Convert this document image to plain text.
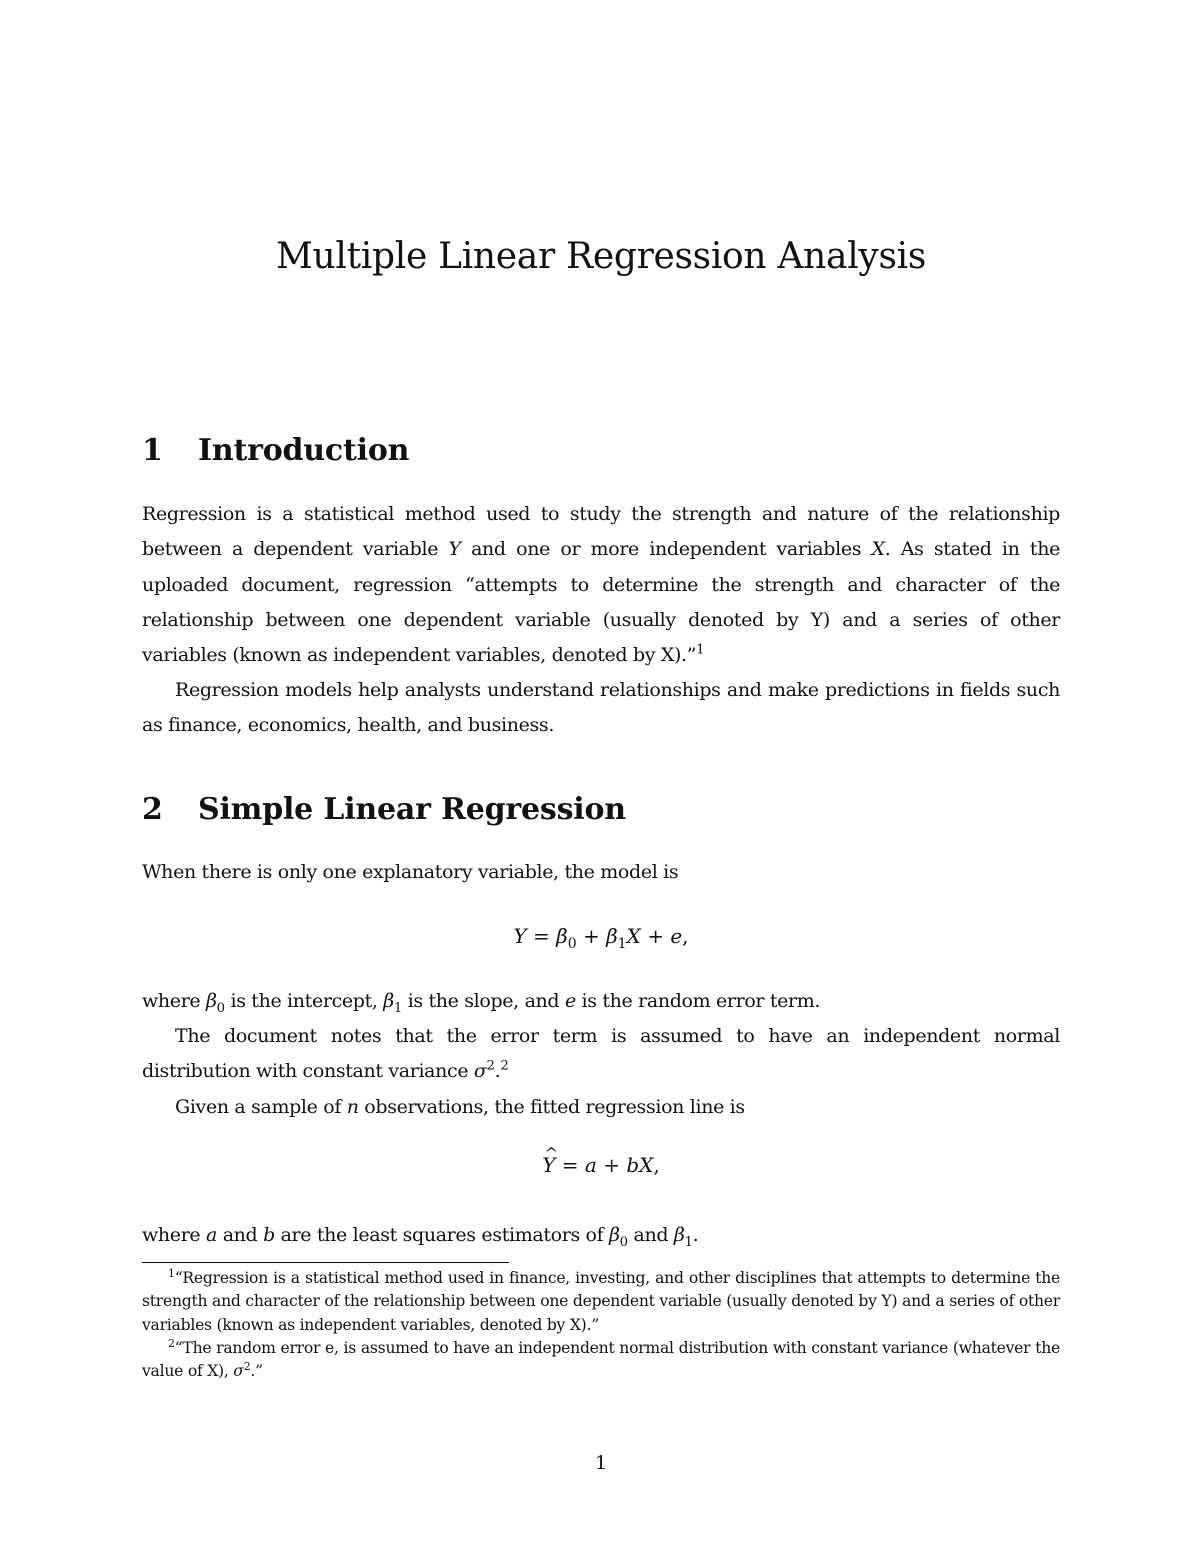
Multiple Linear Regression Analysis
1 Introduction

Regression is a statistical method used to study the strength and nature of the relationship between a dependent variable Y and one or more independent variables X. As stated in the uploaded document, regression “attempts to determine the strength and character of the relationship between one dependent variable (usually denoted by Y) and a series of other variables (known as independent variables, denoted by X).”$^1$

Regression models help analysts understand relationships and make predictions in fields such as finance, economics, health, and business.

2 Simple Linear Regression

When there is only one explanatory variable, the model is

$Y = \beta_0 + \beta_1X + e$,

where $\beta_0$ is the intercept, $\beta_1$ is the slope, and e is the random error term.

The document notes that the error term is assumed to have an independent normal distribution with constant variance $\sigma^2.^2$

Given a sample of n observations, the fitted regression line is

^ Y = a + bX,

where a and b are the least squares estimators of $\beta_0$ and $\beta_1$.

$^1$“Regression is a statistical method used in finance, investing, and other disciplines that attempts to determine the strength and character of the relationship between one dependent variable (usually denoted by Y) and a series of other variables (known as independent variables, denoted by X).”

$^2$“The random error e, is assumed to have an independent normal distribution with constant variance (whatever the value of X), $\sigma^2$.”

1
